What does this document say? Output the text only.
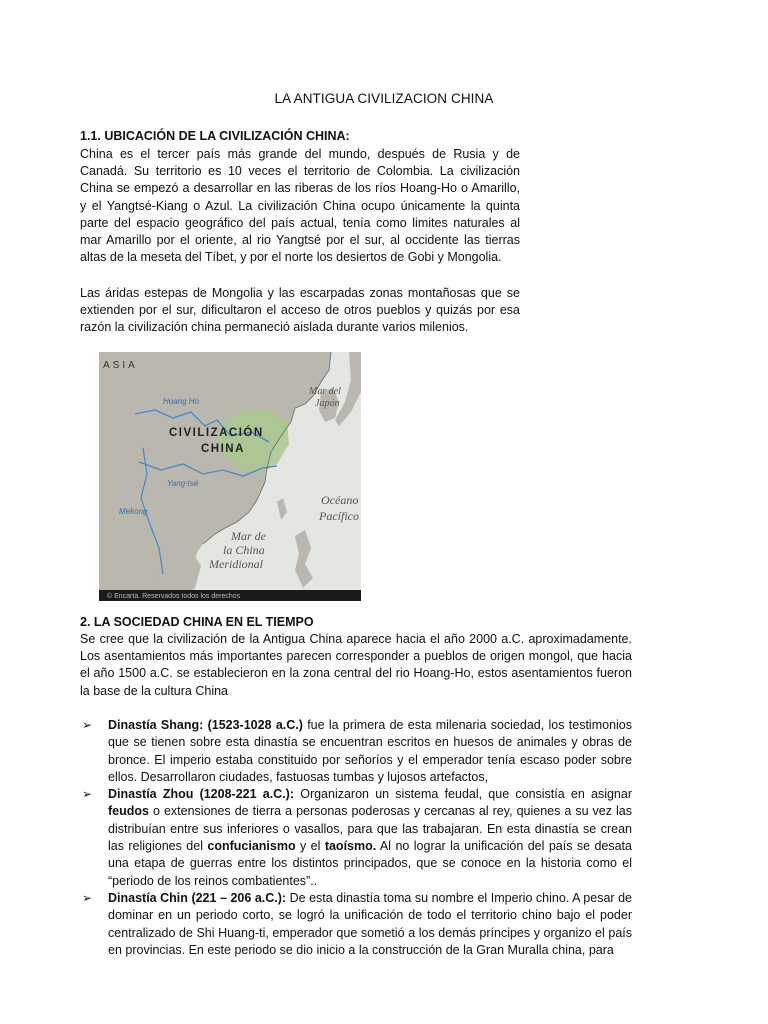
LA ANTIGUA CIVILIZACION CHINA
1.1. UBICACIÓN DE LA CIVILIZACIÓN CHINA:

China es el tercer país más grande del mundo, después de Rusia y de Canadá. Su territorio es 10 veces el territorio de Colombia. La civilización China se empezó a desarrollar en las riberas de los ríos Hoang-Ho o Amarillo, y el Yangtsé-Kiang o Azul. La civilización China ocupo únicamente la quinta parte del espacio geográfico del país actual, tenía como limites naturales al mar Amarillo por el oriente, al rio Yangtsé por el sur, al occidente las tierras altas de la meseta del Tíbet, y por el norte los desiertos de Gobi y Mongolia.

Las áridas estepas de Mongolia y las escarpadas zonas montañosas que se extienden por el sur, dificultaron el acceso de otros pueblos y quizás por esa razón la civilización china permaneció aislada durante varios milenios.

ASIA
Hoang Ho
CIVILIZACIÓN
CHINA
Yang-tsé
Mekong
Mar del
Japón
Océano
Pacífico
Mar de
la China
Meridional
© Encarta. Reservados todos los derechos
2. LA SOCIEDAD CHINA EN EL TIEMPO

Se cree que la civilización de la Antigua China aparece hacia el año 2000 a.C. aproximadamente. Los asentamientos más importantes parecen corresponder a pueblos de origen mongol, que hacia el año 1500 a.C. se establecieron en la zona central del rio Hoang-Ho, estos asentamientos fueron la base de la cultura China

➢ Dinastía Shang: (1523-1028 a.C.) fue la primera de esta milenaria sociedad, los testimonios que se tienen sobre esta dinastía se encuentran escritos en huesos de animales y obras de bronce. El imperio estaba constituido por señoríos y el emperador tenía escaso poder sobre ellos. Desarrollaron ciudades, fastuosas tumbas y lujosos artefactos,
➢ Dinastía Zhou (1208-221 a.C.): Organizaron un sistema feudal, que consistía en asignar feudos o extensiones de tierra a personas poderosas y cercanas al rey, quienes a su vez las distribuían entre sus inferiores o vasallos, para que las trabajaran. En esta dinastía se crean las religiones del confucianismo y el taoísmo. Al no lograr la unificación del país se desata una etapa de guerras entre los distintos principados, que se conoce en la historia como el “periodo de los reinos combatientes”..
➢ Dinastía Chin (221 – 206 a.C.): De esta dinastía toma su nombre el Imperio chino. A pesar de dominar en un periodo corto, se logró la unificación de todo el territorio chino bajo el poder centralizado de Shi Huang-ti, emperador que sometió a los demás príncipes y organizo el país en provincias. En este periodo se dio inicio a la construcción de la Gran Muralla china, para
